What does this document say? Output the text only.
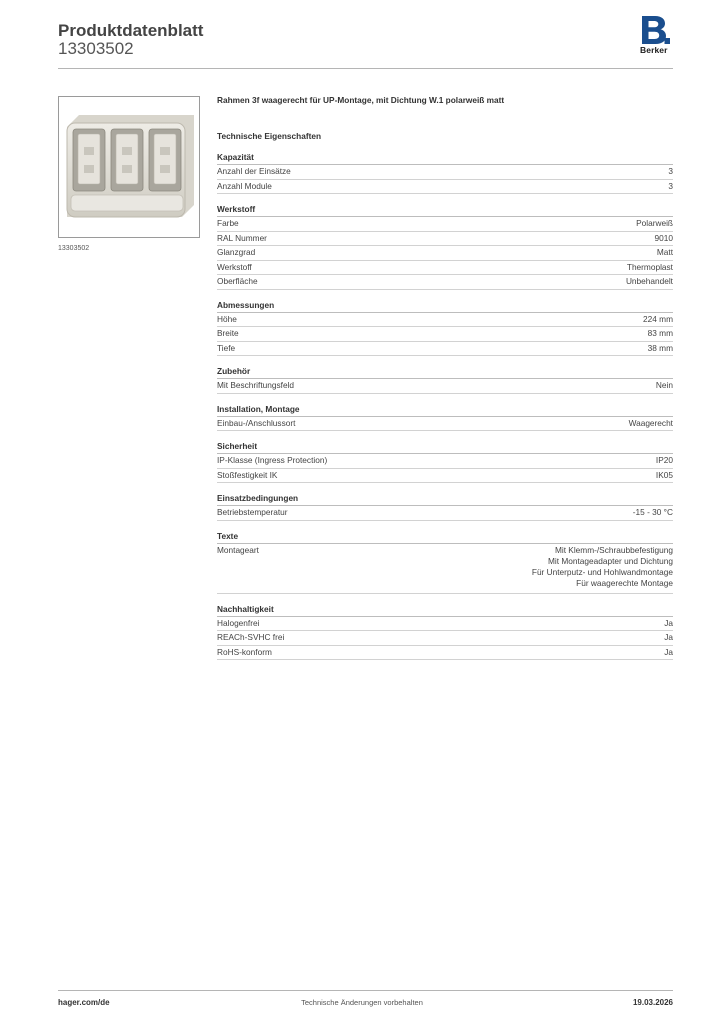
Produktdatenblatt
13303502	Berker
13303502
Rahmen 3f waagerecht für UP-Montage, mit Dichtung W.1 polarweiß matt
Technische Eigenschaften
Kapazität
Anzahl der Einsätze	3
Anzahl Module	3
Werkstoff
Farbe	Polarweiß
RAL Nummer	9010
Glanzgrad	Matt
Werkstoff	Thermoplast
Oberfläche	Unbehandelt
Abmessungen
Höhe	224 mm
Breite	83 mm
Tiefe	38 mm
Zubehör
Mit Beschriftungsfeld	Nein
Installation, Montage
Einbau-/Anschlussort	Waagerecht
Sicherheit
IP-Klasse (Ingress Protection)	IP20
Stoßfestigkeit IK	IK05
Einsatzbedingungen
Betriebstemperatur	-15 - 30 °C
Texte
Montageart	Mit Klemm-/Schraubbefestigung
Mit Montageadapter und Dichtung
Für Unterputz- und Hohlwandmontage
Für waagerechte Montage
Nachhaltigkeit
Halogenfrei	Ja
REACh-SVHC frei	Ja
RoHS-konform	Ja
hager.com/de	Technische Änderungen vorbehalten	19.03.2026
